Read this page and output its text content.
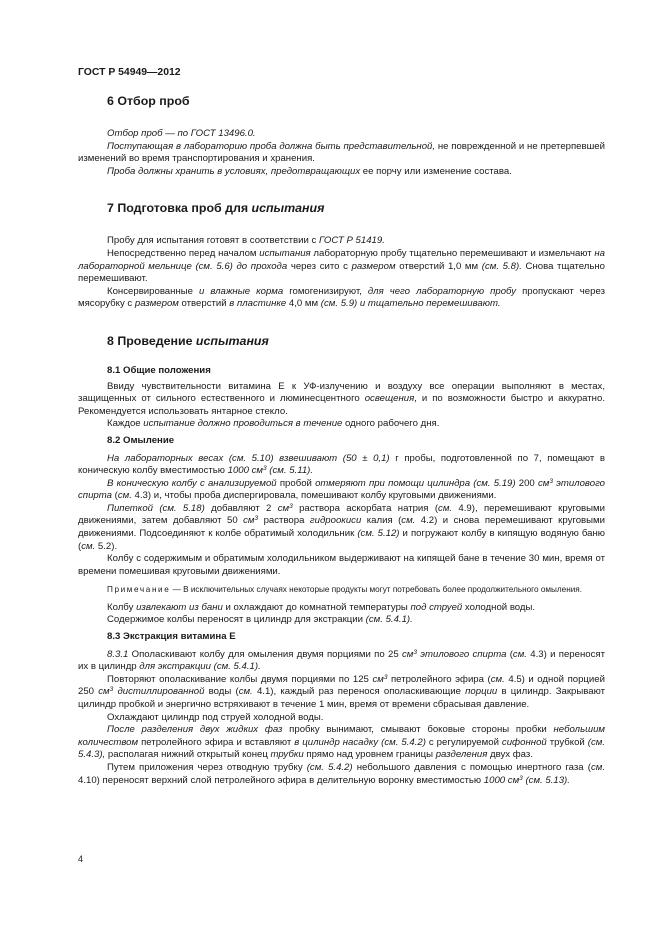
ГОСТ Р 54949—2012
6 Отбор проб

Отбор проб — по ГОСТ 13496.0.

Поступающая в лабораторию проба должна быть представительной, не поврежденной и не претерпевшей изменений во время транспортирования и хранения.

Проба должны хранить в условиях, предотвращающих ее порчу или изменение состава.

7 Подготовка проб для испытания

Пробу для испытания готовят в соответствии с ГОСТ Р 51419.

Непосредственно перед началом испытания лабораторную пробу тщательно перемешивают и измельчают на лабораторной мельнице (см. 5.6) до прохода через сито с размером отверстий 1,0 мм (см. 5.8). Снова тщательно перемешивают.

Консервированные и влажные корма гомогенизируют, для чего лабораторную пробу пропускают через мясорубку с размером отверстий в пластинке 4,0 мм (см. 5.9) и тщательно перемешивают.

8 Проведение испытания
8.1 Общие положения

Ввиду чувствительности витамина Е к УФ-излучению и воздуху все операции выполняют в местах, защищенных от сильного естественного и люминесцентного освещения, и по возможности быстро и аккуратно. Рекомендуется использовать янтарное стекло.

Каждое испытание должно проводиться в течение одного рабочего дня.

8.2 Омыление

На лабораторных весах (см. 5.10) взвешивают (50 ± 0,1) г пробы, подготовленной по 7, помещают в коническую колбу вместимостью 1000 $см^3$ (см. 5.11).

В коническую колбу с анализируемой пробой отмеряют при помощи цилиндра (см. 5.19) 200 $см^3$ этилового спирта (см. 4.3) и, чтобы проба диспергировала, помешивают колбу круговыми движениями.

Пипеткой (см. 5.18) добавляют 2 $см^3$ раствора аскорбата натрия (см. 4.9), перемешивают круговыми движениями, затем добавляют 50 $см^3$ раствора гидроокиси калия (см. 4.2) и снова перемешивают круговыми движениями. Подсоединяют к колбе обратимый холодильник (см. 5.12) и погружают колбу в кипящую водяную баню (см. 5.2).

Колбу с содержимым и обратимым холодильником выдерживают на кипящей бане в течение 30 мин, время от времени помешивая круговыми движениями.

Примечание — В исключительных случаях некоторые продукты могут потребовать более продолжительного омыления.

Колбу извлекают из бани и охлаждают до комнатной температуры под струей холодной воды.

Содержимое колбы переносят в цилиндр для экстракции (см. 5.4.1).

8.3 Экстракция витамина Е

8.3.1 Ополаскивают колбу для омыления двумя порциями по 25 $см^3$ этилового спирта (см. 4.3) и переносят их в цилиндр для экстракции (см. 5.4.1).

Повторяют ополаскивание колбы двумя порциями по 125 $см^3$ петролейного эфира (см. 4.5) и одной порцией 250 $см^3$ дистиллированной воды (см. 4.1), каждый раз перенося ополаскивающие порции в цилиндр. Закрывают цилиндр пробкой и энергично встряхивают в течение 1 мин, время от времени сбрасывая давление.

Охлаждают цилиндр под струей холодной воды.

После разделения двух жидких фаз пробку вынимают, смывают боковые стороны пробки небольшим количеством петролейного эфира и вставляют в цилиндр насадку (см. 5.4.2) с регулируемой сифонной трубкой (см. 5.4.3), располагая нижний открытый конец трубки прямо над уровнем границы разделения двух фаз.

Путем приложения через отводную трубку (см. 5.4.2) небольшого давления с помощью инертного газа (см. 4.10) переносят верхний слой петролейного эфира в делительную воронку вместимостью 1000 $см^3$ (см. 5.13).

4
